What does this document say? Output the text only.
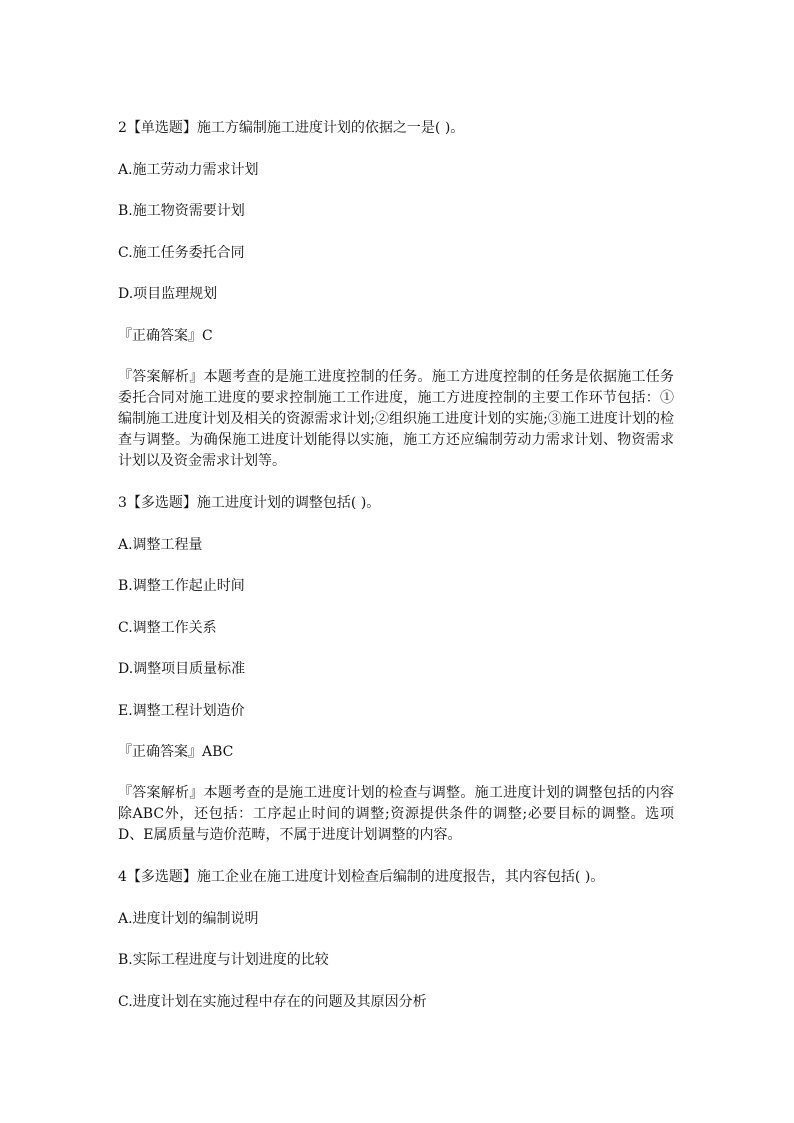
2【单选题】施工方编制施工进度计划的依据之一是( )。
A.施工劳动力需求计划
B.施工物资需要计划
C.施工任务委托合同
D.项目监理规划
『正确答案』C
『答案解析』本题考查的是施工进度控制的任务。施工方进度控制的任务是依据施工任务委托合同对施工进度的要求控制施工工作进度，施工方进度控制的主要工作环节包括：①编制施工进度计划及相关的资源需求计划;②组织施工进度计划的实施;③施工进度计划的检查与调整。为确保施工进度计划能得以实施，施工方还应编制劳动力需求计划、物资需求计划以及资金需求计划等。
3【多选题】施工进度计划的调整包括( )。
A.调整工程量
B.调整工作起止时间
C.调整工作关系
D.调整项目质量标准
E.调整工程计划造价
『正确答案』ABC
『答案解析』本题考查的是施工进度计划的检查与调整。施工进度计划的调整包括的内容除ABC外，还包括：工序起止时间的调整;资源提供条件的调整;必要目标的调整。选项D、E属质量与造价范畴，不属于进度计划调整的内容。
4【多选题】施工企业在施工进度计划检查后编制的进度报告，其内容包括( )。
A.进度计划的编制说明
B.实际工程进度与计划进度的比较
C.进度计划在实施过程中存在的问题及其原因分析
